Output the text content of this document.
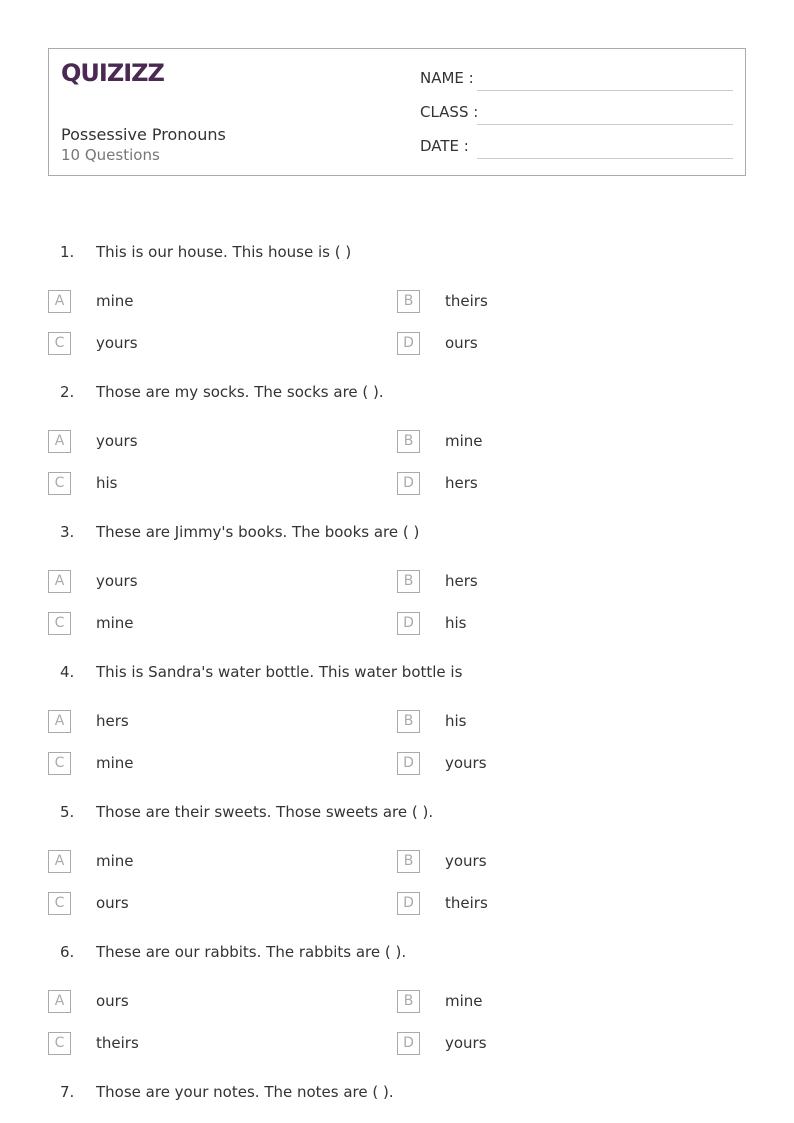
QUIZIZZ
Possessive Pronouns
10 Questions
NAME :
CLASS :
DATE :
1. This is our house. This house is ( )
A	mine	B	theirs
C	yours	D	ours
2. Those are my socks. The socks are ( ).
A	yours	B	mine
C	his	D	hers
3. These are Jimmy's books. The books are ( )
A	yours	B	hers
C	mine	D	his
4. This is Sandra's water bottle. This water bottle is
A	hers	B	his
C	mine	D	yours
5. Those are their sweets. Those sweets are ( ).
A	mine	B	yours
C	ours	D	theirs
6. These are our rabbits. The rabbits are ( ).
A	ours	B	mine
C	theirs	D	yours
7. Those are your notes. The notes are ( ).
